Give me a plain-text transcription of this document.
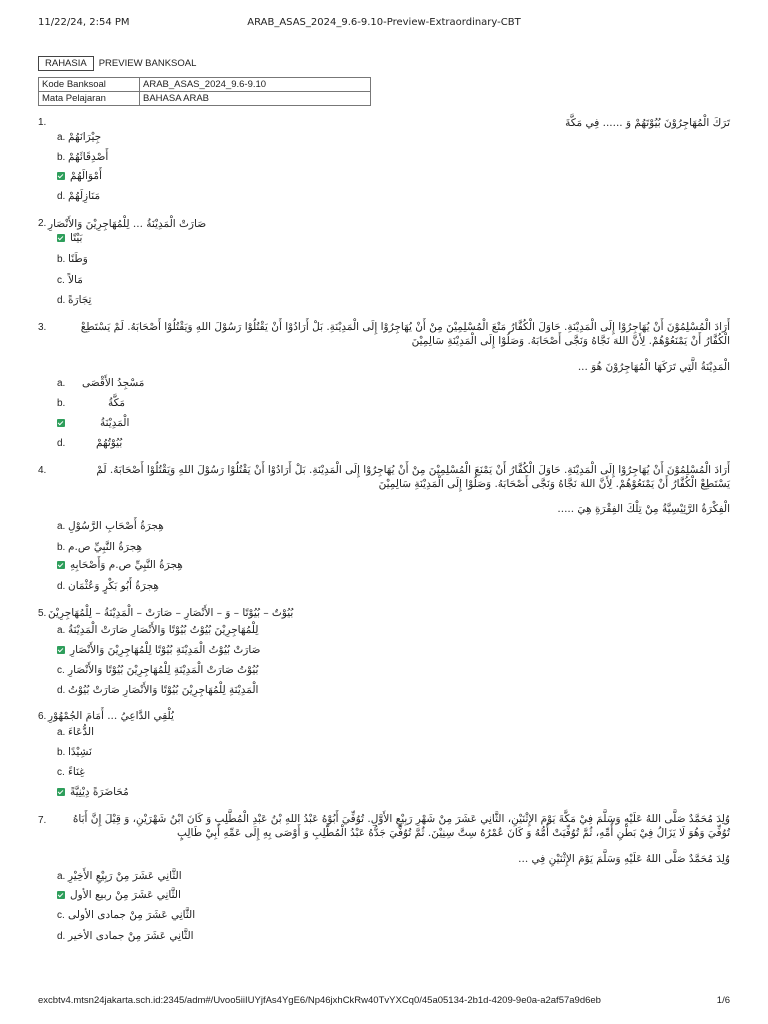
11/22/24, 2:54 PM	ARAB_ASAS_2024_9.6-9.10-Preview-Extraordinary-CBT
RAHASIA	PREVIEW BANKSOAL
Kode Banksoal	ARAB_ASAS_2024_9.6-9.10
Mata Pelajaran	BAHASA ARAB
1.	تَرَكَ الْمُهَاجِرُوْنَ بُيُوْتَهُمْ وَ ...... فِي مَكَّةَ
a. جِيْرَانَهُمْ
b. أَصْدِقَائَهُمْ
أَمْوَالَهُمْ
d. مَنَازِلَهُمْ
2. صَارَتْ الْمَدِيْنَةُ ... لِلْمُهَاجِرِيْنَ وَالأَنْصَارِ
بَيْتًا
b. وَطَنًا
c. مَالاً
d. تِجَارَةً
3.	أَرَادَ الْمُسْلِمُوْنَ أَنْ يُهَاجِرُوْا إِلَى الْمَدِيْنَةِ. حَاوَلَ الْكُفَّارُ مَنْعَ الْمُسْلِمِيْنَ مِنْ أَنْ يُهَاجِرُوْا إِلَى الْمَدِيْنَةِ. بَلْ أَرَادُوْا أَنْ يَقْتُلُوْا رَسُوْلَ اللهِ وَيَقْتُلُوْا أَصْحَابَهُ. لَمْ يَسْتَطِعْ الْكُفَّارُ أَنْ يَمْنَعُوْهُمْ. لِأَنَّ اللهَ نَجَّاهُ وَنَجَّى أَصْحَابَهُ. وَصَلُوْا إِلَى الْمَدِيْنَةِ سَالِمِيْنَ
الْمَدِيْنَةُ الَّتِي تَرَكَهَا الْمُهَاجِرُوْنَ هُوَ ...
a. مَسْجِدُ الأَقْصَى
b.	مَكَّةُ
الْمَدِيْنَةُ
d.	بُيُوْتُهُمْ
4.	أَرَادَ الْمُسْلِمُوْنَ أَنْ يُهَاجِرُوْا إِلَى الْمَدِيْنَةِ. حَاوَلَ الْكُفَّارُ أَنْ يَمْنَعَ الْمُسْلِمِيْنَ مِنْ أَنْ يُهَاجِرُوْا إِلَى الْمَدِيْنَةِ. بَلْ أَرَادُوْا أَنْ يَقْتُلُوْا رَسُوْلَ اللهِ وَيَقْتُلُوْا أَصْحَابَهُ. لَمْ يَسْتَطِعْ الْكُفَّارُ أَنْ يَمْنَعُوْهُمْ. لِأَنَّ اللهَ نَجَّاهُ وَنَجَّى أَصْحَابَهُ. وَصَلُوْا إِلَى الْمَدِيْنَةِ سَالِمِيْنَ
الْفِكْرَةُ الرَّئِيْسِيَّةُ مِنْ تِلْكَ الفِقْرَةِ هِيَ .....
a. هِجرَةُ أَصْحَابِ الرَّسُوْلِ
b. هِجرَةُ النَّبِيِّ ص.م
هِجرَةُ النَّبِيِّ ص.م وَأَصْحَابِهِ
d. هِجرَةُ أَبُو بَكْرٍ وَعُثْمَان
5. بُيُوْتٌ – بُيُوْتًا – وَ – الأَنْصَارِ – صَارَتْ – الْمَدِيْنَةُ – لِلْمُهَاجِرِيْنَ
a. لِلْمُهَاجِرِيْنَ بُيُوْتُ بُيُوْتًا وَالأَنْصَارِ صَارَتْ الْمَدِيْنَةُ
صَارَتْ بُيُوْتُ الْمَدِيْنَةِ بُيُوْتًا لِلْمُهَاجِرِيْنَ وَالأَنْصَارِ
c. بُيُوْتُ صَارَتْ الْمَدِيْنَةِ لِلْمُهَاجِرِيْنَ بُيُوْتًا وَالأَنْصَارِ
d. الْمَدِيْنَةِ لِلْمُهَاجِرِيْنَ بُيُوْتًا وَالأَنْصَارِ صَارَتْ بُيُوْتُ
6. يُلْقِي الدَّاعِيُ ... أَمَامَ الجُمْهُوْرِ
a. الدُّعَاءَ
b. نَشِيْدًا
c. غِنَاءً
مُحَاضَرَةً دِيْنِيَّةً
7.	وُلِدَ مُحَمَّدٌ صَلَّى اللهُ عَلَيْهِ وَسَلَّمَ فِيْ مَكَّةَ يَوْمَ الإِثْنَيْنِ، الثَّانِي عَشَرَ مِنْ شَهْرِ رَبِيْعٍ الأَوَّلِ. تُوُفِّيَ أَبُوْهُ عَبْدُ اللهِ بْنُ عَبْدِ الْمُطَّلِبِ وَ كَانَ ابْنُ شَهْرَيْنِ، وَ قِيْلَ إِنَّ أَبَاهُ تُوُفِّيَ وَهُوَ لَا يَزَالُ فِيْ بَطْنِ أُمِّهِ، ثُمَّ تُوُفِّيَتْ أُمُّهُ وَ كَانَ عُمْرُهُ سِتَّ سِنِيْنَ. ثُمَّ تُوُفِّيَ جَدُّهُ عَبْدُ الْمُطَّلِبِ وَ أَوْصَى بِهِ إِلَى عَمِّهِ أَبِيْ طَالِبٍ
وُلِدَ مُحَمَّدٌ صَلَّى اللهُ عَلَيْهِ وَسَلَّمَ يَوْمَ الإِثْنَيْنِ فِي ...
a. الثَّانِي عَشَرَ مِنْ رَبِيْعِ الأَخِيْرِ
الثَّانِي عَشَرَ مِنْ ربيع الأول
c. الثَّانِي عَشَرَ مِنْ جمادى الأولى
d. الثَّانِي عَشَرَ مِنْ جمادى الأخير
excbtv4.mtsn24jakarta.sch.id:2345/adm#/Uvoo5iiIUYjfAs4YgE6/Np46jxhCkRw40TvYXCq0/45a05134-2b1d-4209-9e0a-a2af57a9d6eb	1/6
